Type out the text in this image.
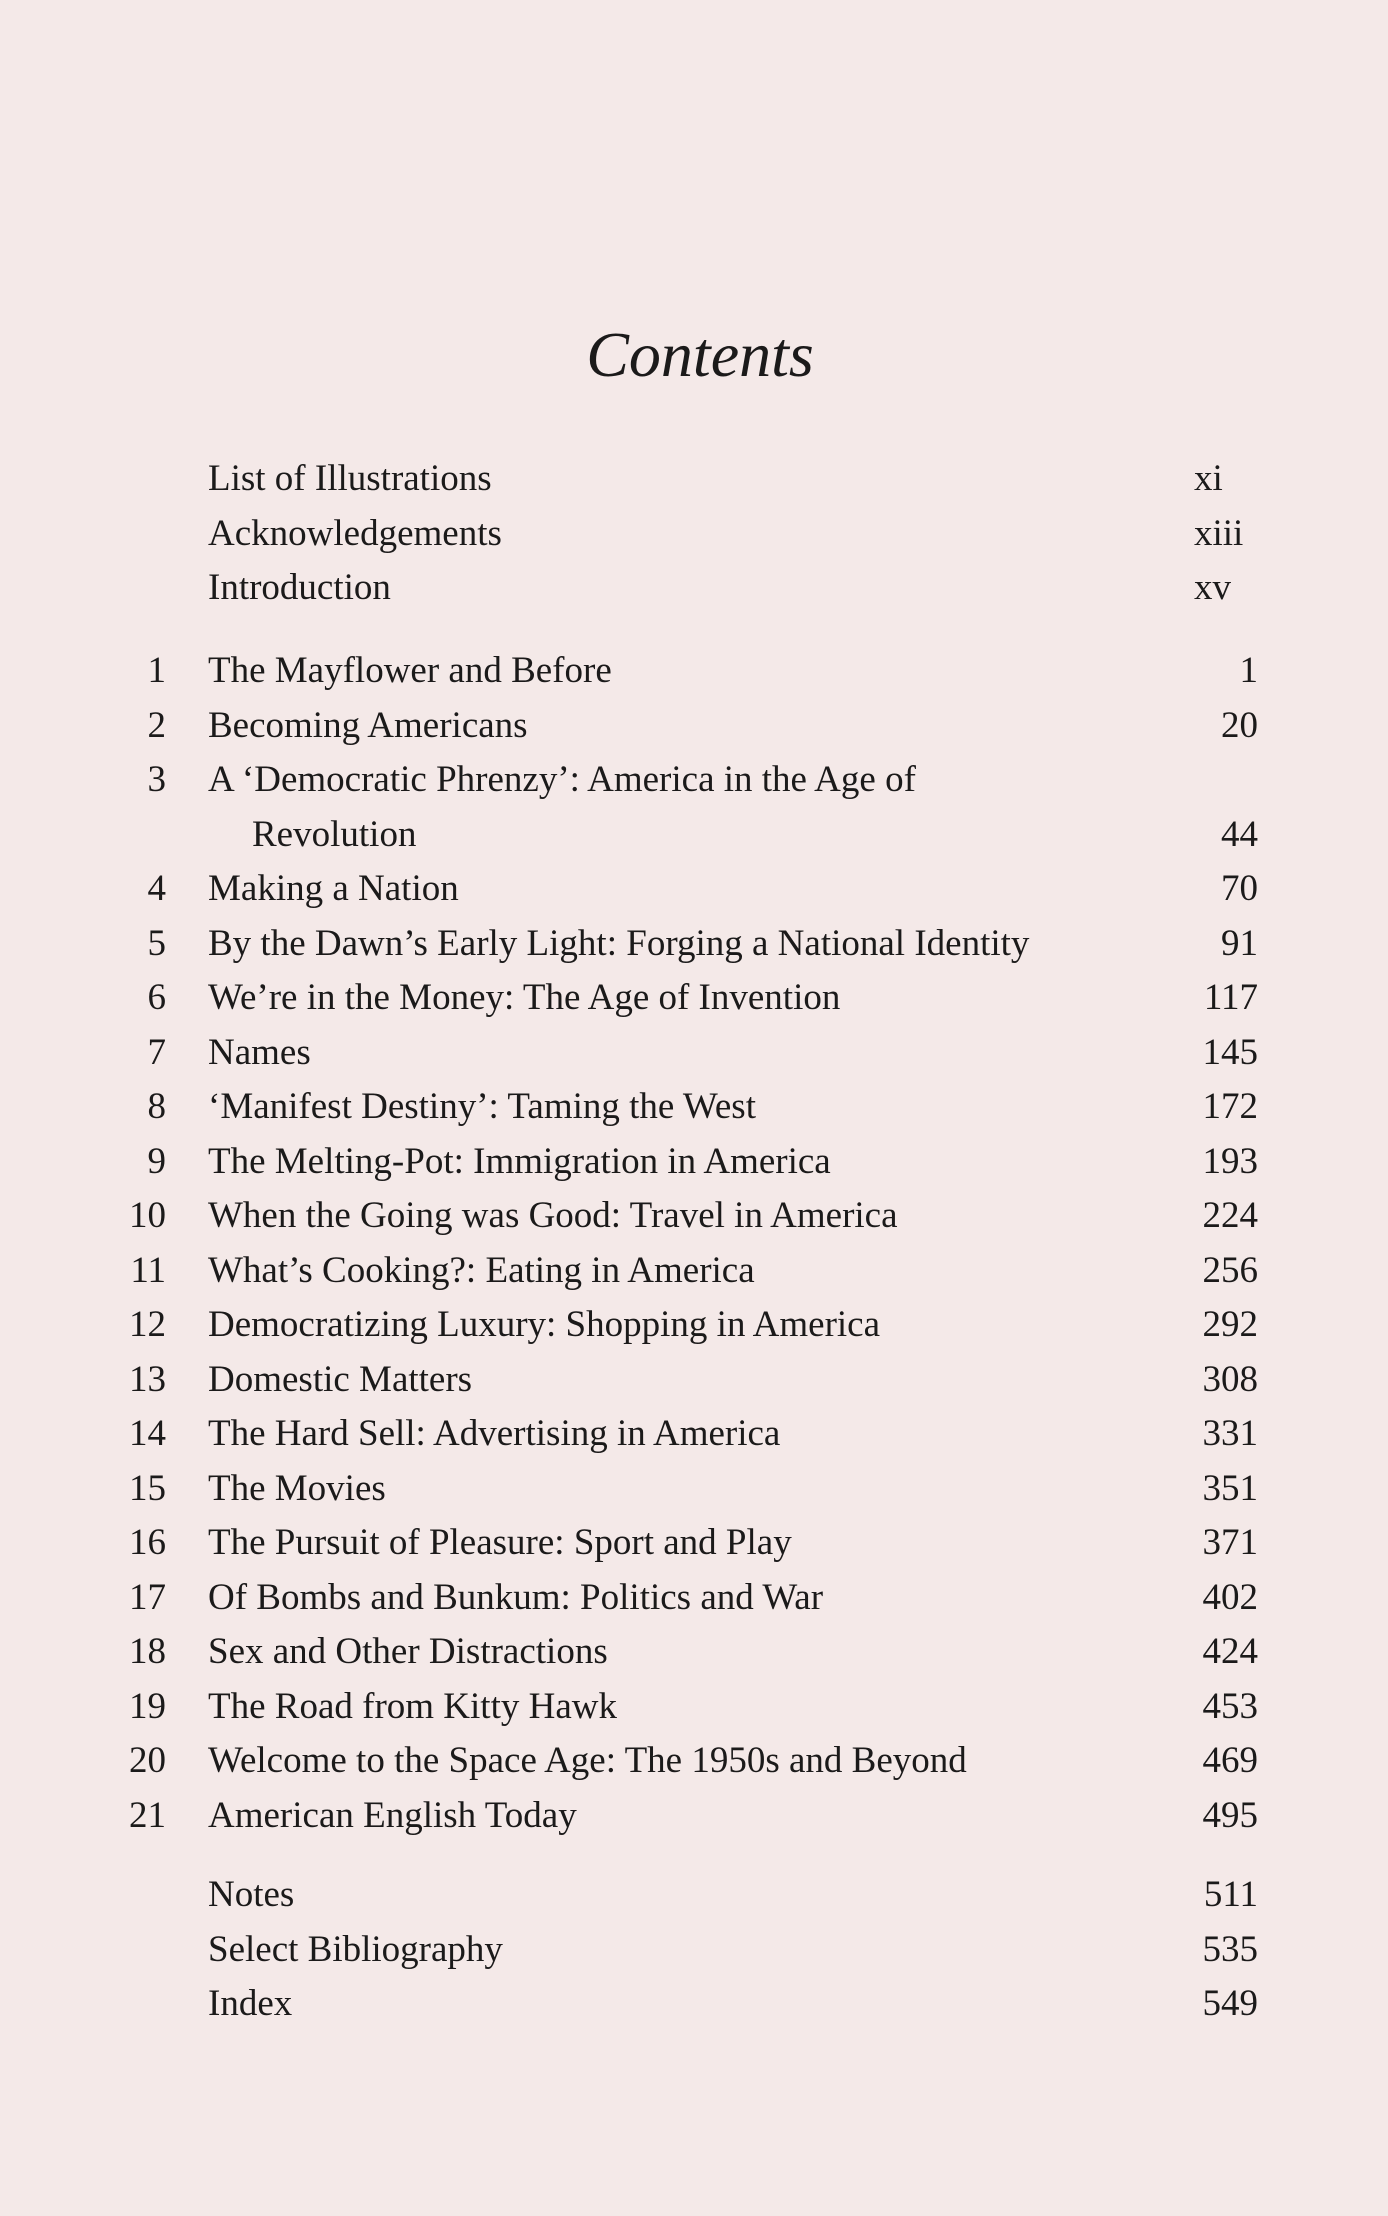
Contents
List of Illustrations	xi
Acknowledgements	xiii
Introduction	xv
1 The Mayflower and Before	1
2 Becoming Americans	20
3 A ‘Democratic Phrenzy’: America in the Age of
Revolution	44
4 Making a Nation	70
5 By the Dawn’s Early Light: Forging a National Identity	91
6 We’re in the Money: The Age of Invention	117
7 Names	145
8 ‘Manifest Destiny’: Taming the West	172
9 The Melting-Pot: Immigration in America	193
10 When the Going was Good: Travel in America	224
11 What’s Cooking?: Eating in America	256
12 Democratizing Luxury: Shopping in America	292
13 Domestic Matters	308
14 The Hard Sell: Advertising in America	331
15 The Movies	351
16 The Pursuit of Pleasure: Sport and Play	371
17 Of Bombs and Bunkum: Politics and War	402
18 Sex and Other Distractions	424
19 The Road from Kitty Hawk	453
20 Welcome to the Space Age: The 1950s and Beyond	469
21 American English Today	495
Notes	511
Select Bibliography	535
Index	549
